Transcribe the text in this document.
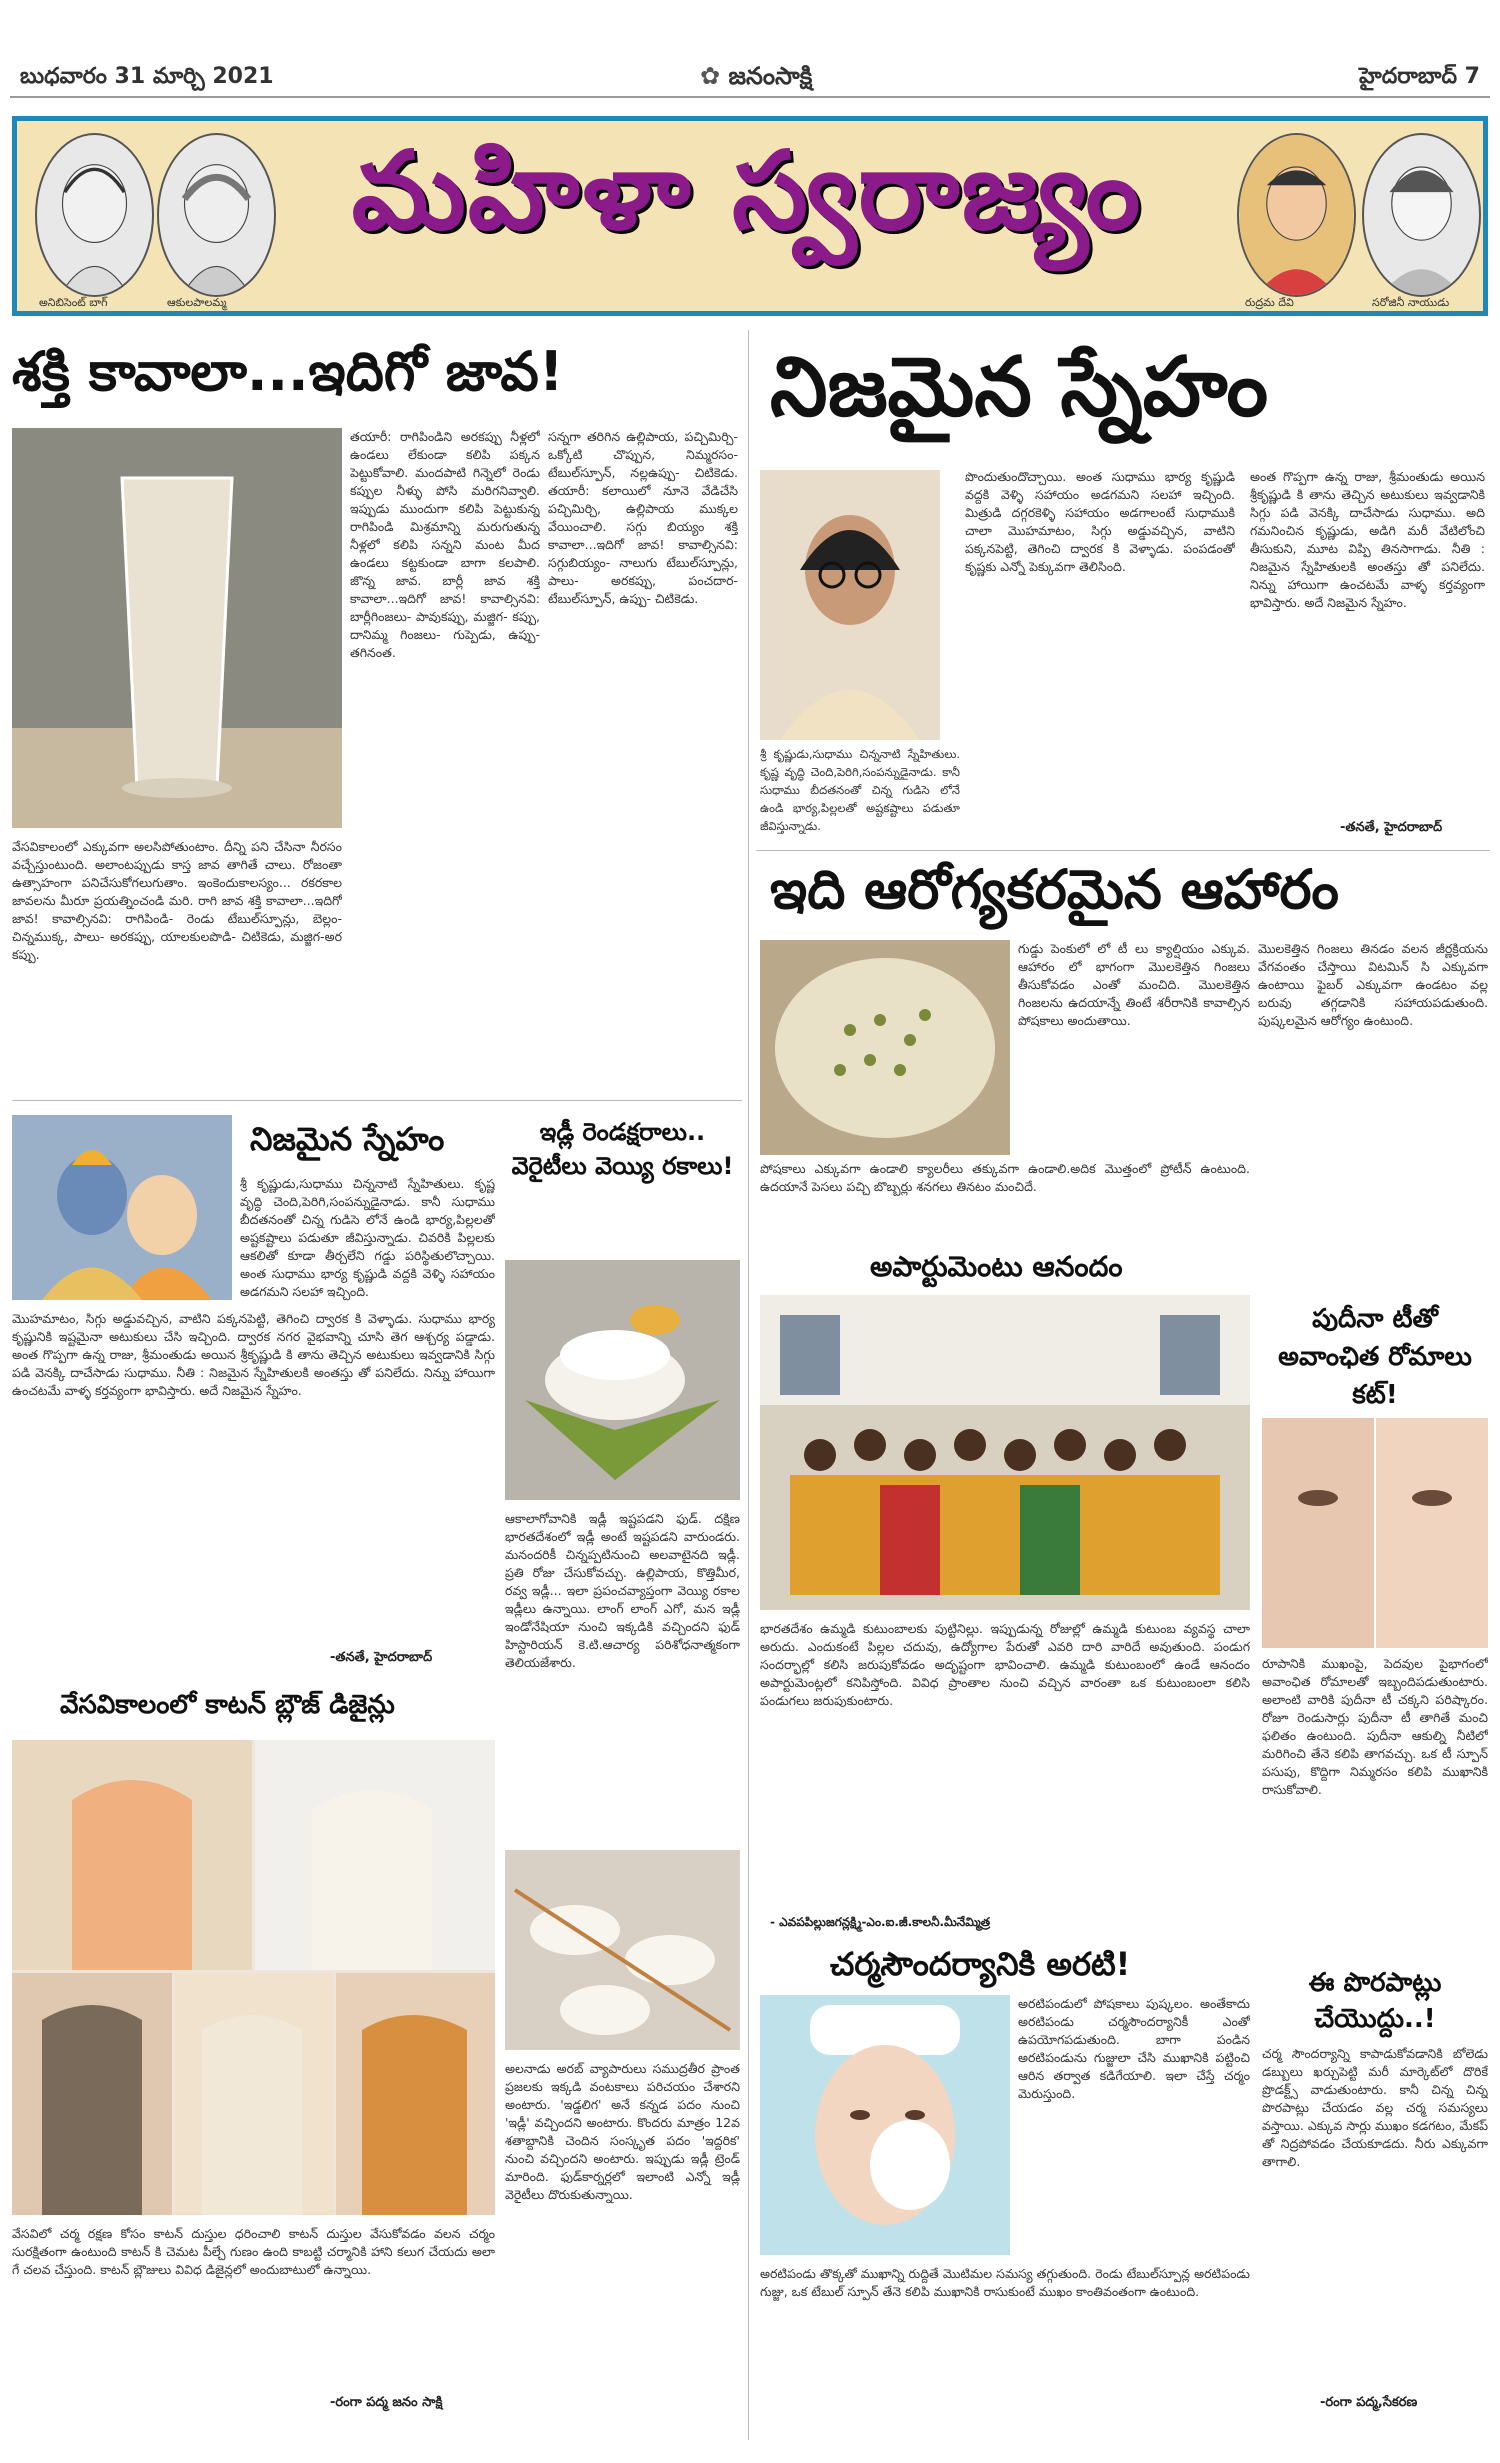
బుధవారం 31 మార్చి 2021	✿ జనంసాక్షి	హైదరాబాద్ 7
అనిబిసెంట్ బాగ్	ఆకులపాలమ్మ
మహిళా స్వరాజ్యం
రుద్రమ దేవి	సరోజినీ నాయుడు
శక్తి కావాలా...ఇదిగో జావ!
వేసవికాలంలో ఎక్కువగా అలసిపోతుంటాం. దీన్ని పని చేసినా నీరసం వచ్చేస్తుంటుంది. అలాంటప్పుడు కాస్త జావ తాగితే చాలు. రోజంతా ఉత్సాహంగా పనిచేసుకోగలుగుతాం. ఇంకెందుకాలస్యం... రకరకాల జావలను మీరూ ప్రయత్నించండి మరి. రాగి జావ శక్తి కావాలా...ఇదిగో జావ! కావాల్సినవి: రాగిపిండి- రెండు టేబుల్‌స్పూన్లు, బెల్లం- చిన్నముక్క, పాలు- అరకప్పు, యాలకులపొడి- చిటికెడు, మజ్జిగ-అర కప్పు.
తయారీ: రాగిపిండిని అరకప్పు నీళ్లలో ఉండలు లేకుండా కలిపి పక్కన పెట్టుకోవాలి. మందపాటి గిన్నెలో రెండు కప్పుల నీళ్ళు పోసి మరిగనివ్వాలి. ఇప్పుడు ముందుగా కలిపి పెట్టుకున్న రాగిపిండి మిశ్రమాన్ని మరుగుతున్న నీళ్లలో కలిపి సన్నని మంట మీద ఉండలు కట్టకుండా బాగా కలపాలి. జొన్న జావ. బార్లీ జావ శక్తి కావాలా...ఇదిగో జావ! కావాల్సినవి: బార్లీగింజలు- పావుకప్పు, మజ్జిగ- కప్పు, దానిమ్మ గింజలు- గుప్పెడు, ఉప్పు- తగినంత.
సన్నగా తరిగిన ఉల్లిపాయ, పచ్చిమిర్చి- ఒక్కోటి చొప్పున, నిమ్మరసం- టేబుల్‌స్పూన్, నల్లఉప్పు- చిటికెడు. తయారీ: కలాయిలో నూనె వేడిచేసి పచ్చిమిర్చి, ఉల్లిపాయ ముక్కల వేయించాలి. సగ్గు బియ్యం శక్తి కావాలా...ఇదిగో జావ! కావాల్సినవి: సగ్గుబియ్యం- నాలుగు టేబుల్‌స్పూన్లు, పాలు- అరకప్పు, పంచదార- టేబుల్‌స్పూన్, ఉప్పు- చిటికెడు.
నిజమైన స్నేహం
శ్రీ కృష్ణుడు,సుధాము చిన్ననాటి స్నేహితులు. కృష్ణ వృద్ధి చెంది,పెరిగి,సంపన్నుడైనాడు. కానీ సుధాము బీదతనంతో చిన్న గుడిసె లోనే ఉండి భార్య,పిల్లలతో అష్టకష్టాలు పడుతూ జీవిస్తున్నాడు.
పొందుతుందొచ్చాయి. అంత సుధాము భార్య కృష్ణుడి వద్దకి వెళ్ళి సహాయం అడగమని సలహా ఇచ్చింది. మిత్రుడి దగ్గరకెళ్ళి సహాయం అడగాలంటే సుధాముకి చాలా మొహమాటం, సిగ్గు అడ్డువచ్చిన, వాటిని పక్కనపెట్టి, తెగించి ద్వారక కి వెళ్ళాడు. పంపడంతో కృష్ణకు ఎన్నో పెక్కువగా తెలిసింది.
అంత గొప్పగా ఉన్న రాజు, శ్రీమంతుడు అయిన శ్రీకృష్ణుడి కి తాను తెచ్చిన అటుకులు ఇవ్వడానికి సిగ్గు పడి వెనక్కి దాచేసాడు సుధాము. అది గమనించిన కృష్ణుడు, అడిగి మరీ వేటిలోంచి తీసుకుని, మూట విప్పి తినసాగాడు. నీతి : నిజమైన స్నేహితులకి అంతస్తు తో పనిలేదు. నిన్ను హాయిగా ఉంచటమే వాళ్ళ కర్తవ్యంగా భావిస్తారు. అదే నిజమైన స్నేహం.
-తనతే, హైదరాబాద్
ఇది ఆరోగ్యకరమైన ఆహారం
గుడ్డు పెంకులో లో టీ లు క్యాల్షియం ఎక్కువ. ఆహారం లో భాగంగా మొలకెత్తిన గింజలు తీసుకోవడం ఎంతో మంచిది. మొలకెత్తిన గింజలను ఉదయాన్నే తింటే శరీరానికి కావాల్సిన పోషకాలు అందుతాయి.
పోషకాలు ఎక్కువగా ఉండాలి క్యాలరీలు తక్కువగా ఉండాలి.అదిక మొత్తంలో ప్రోటీన్ ఉంటుంది. ఉదయానే పెసలు పచ్చి బొబ్బర్లు శనగలు తినటం మంచిదే.
మొలకెత్తిన గింజలు తినడం వలన జీర్ణక్రియను వేగవంతం చేస్తాయి విటమిన్ సి ఎక్కువగా ఉంటాయి ఫైబర్ ఎక్కువగా ఉండటం వల్ల బరువు తగ్గడానికి సహాయపడుతుంది. పుష్కలమైన ఆరోగ్యం ఉంటుంది.
అపార్టుమెంటు ఆనందం
భారతదేశం ఉమ్మడి కుటుంబాలకు పుట్టినిల్లు. ఇప్పుడున్న రోజుల్లో ఉమ్మడి కుటుంబ వ్యవస్థ చాలా అరుదు. ఎందుకంటే పిల్లల చదువు, ఉద్యోగాల పేరుతో ఎవరి దారి వారిదే అవుతుంది. పండుగ సందర్భాల్లో కలిసి జరుపుకోవడం అదృష్టంగా భావించాలి. ఉమ్మడి కుటుంబంలో ఉండే ఆనందం అపార్టుమెంట్లలో కనిపిస్తోంది. వివిధ ప్రాంతాల నుంచి వచ్చిన వారంతా ఒక కుటుంబంలా కలిసి పండుగలు జరుపుకుంటారు.
- ఎవపపిల్లుజగన్లక్ష్మి-ఎం.ఐ.జీ.కాలనీ.మీనేమ్మిత్ర
పుదీనా టీతో అవాంఛిత రోమాలు కట్!
రూపానికి ముఖంపై, పెదవుల పైభాగంలో అవాంఛిత రోమాలతో ఇబ్బందిపడుతుంటారు. అలాంటి వారికి పుదీనా టీ చక్కని పరిష్కారం. రోజూ రెండుసార్లు పుదీనా టీ తాగితే మంచి ఫలితం ఉంటుంది. పుదీనా ఆకుల్ని నీటిలో మరిగించి తేనె కలిపి తాగవచ్చు. ఒక టీ స్పూన్ పసుపు, కొద్దిగా నిమ్మరసం కలిపి ముఖానికి రాసుకోవాలి.
ఈ పొరపాట్లు చేయొద్దు..!
చర్మ సౌందర్యాన్ని కాపాడుకోవడానికి బోలెడు డబ్బులు ఖర్చుపెట్టి మరీ మార్కెట్‌లో దొరికే ప్రొడక్ట్స్ వాడుతుంటారు. కానీ చిన్న చిన్న పొరపాట్లు చేయడం వల్ల చర్మ సమస్యలు వస్తాయి. ఎక్కువ సార్లు ముఖం కడగటం, మేకప్ తో నిద్రపోవడం చేయకూడదు. నీరు ఎక్కువగా తాగాలి.
-రంగా పద్మ,సేకరణ
చర్మసౌందర్యానికి అరటి!
అరటిపండులో పోషకాలు పుష్కలం. అంతేకాదు అరటిపండు చర్మసౌందర్యానికీ ఎంతో ఉపయోగపడుతుంది. బాగా పండిన అరటిపండును గుజ్జులా చేసి ముఖానికి పట్టించి ఆరిన తర్వాత కడిగేయాలి. ఇలా చేస్తే చర్మం మెరుస్తుంది.
అరటిపండు తొక్కతో ముఖాన్ని రుద్దితే మొటిమల సమస్య తగ్గుతుంది. రెండు టేబుల్‌స్పూన్ల అరటిపండు గుజ్జు, ఒక టేబుల్ స్పూన్ తేనె కలిపి ముఖానికి రాసుకుంటే ముఖం కాంతివంతంగా ఉంటుంది.
నిజమైన స్నేహం
శ్రీ కృష్ణుడు,సుధాము చిన్ననాటి స్నేహితులు. కృష్ణ వృద్ధి చెంది,పెరిగి,సంపన్నుడైనాడు. కానీ సుధాము బీదతనంతో చిన్న గుడిసె లోనే ఉండి భార్య,పిల్లలతో అష్టకష్టాలు పడుతూ జీవిస్తున్నాడు. చివరికి పిల్లలకు ఆకలితో కూడా తీర్చలేని గడ్డు పరిస్థితులొచ్చాయి. అంత సుధాము భార్య కృష్ణుడి వద్దకి వెళ్ళి సహాయం అడగమని సలహా ఇచ్చింది.
మొహమాటం, సిగ్గు అడ్డువచ్చిన, వాటిని పక్కనపెట్టి, తెగించి ద్వారక కి వెళ్ళాడు. సుధాము భార్య కృష్ణునికి ఇష్టమైనా అటుకులు చేసి ఇచ్చింది. ద్వారక నగర వైభవాన్ని చూసి తెగ ఆశ్చర్య పడ్డాడు. అంత గొప్పగా ఉన్న రాజు, శ్రీమంతుడు అయిన శ్రీకృష్ణుడి కి తాను తెచ్చిన అటుకులు ఇవ్వడానికి సిగ్గు పడి వెనక్కి దాచేసాడు సుధాము. నీతి : నిజమైన స్నేహితులకి అంతస్తు తో పనిలేదు. నిన్ను హాయిగా ఉంచటమే వాళ్ళ కర్తవ్యంగా భావిస్తారు. అదే నిజమైన స్నేహం.
-తనతే, హైదరాబాద్
ఇడ్లీ రెండక్షరాలు.. వెరైటీలు వెయ్యి రకాలు!
ఆకాలాగోవానికి ఇడ్లీ ఇష్టపడని ఫుడ్. దక్షిణ భారతదేశంలో ఇడ్లీ అంటే ఇష్టపడని వారుండరు. మనందరికీ చిన్నప్పటినుంచి అలవాటైనది ఇడ్లీ. ప్రతి రోజు చేసుకోవచ్చు. ఉల్లిపాయ, కొత్తిమీర, రవ్వ ఇడ్లీ... ఇలా ప్రపంచవ్యాప్తంగా వెయ్యి రకాల ఇడ్లీలు ఉన్నాయి. లాంగ్ లాంగ్ ఎగో, మన ఇడ్లీ ఇండోనేషియా నుంచి ఇక్కడికి వచ్చిందని ఫుడ్ హిస్టారియన్ కె.టి.ఆచార్య పరిశోధనాత్మకంగా తెలియజేశారు.
అలనాడు అరబ్ వ్యాపారులు సముద్రతీర ప్రాంత ప్రజలకు ఇక్కడి వంటకాలు పరిచయం చేశారని అంటారు. 'ఇడ్డలిగ' అనే కన్నడ పదం నుంచి 'ఇడ్లీ' వచ్చిందని అంటారు. కొందరు మాత్రం 12వ శతాబ్దానికి చెందిన సంస్కృత పదం 'ఇద్దరిక' నుంచి వచ్చిందని అంటారు. ఇప్పుడు ఇడ్లీ ట్రెండ్ మారింది. ఫుడ్‌కార్నర్లలో ఇలాంటి ఎన్నో ఇడ్లీ వెరైటీలు దొరుకుతున్నాయి.
వేసవికాలంలో కాటన్ బ్లౌజ్ డిజైన్లు
వేసవిలో చర్మ రక్షణ కోసం కాటన్ దుస్తుల ధరించాలి కాటన్ దుస్తుల వేసుకోవడం వలన చర్మం సురక్షితంగా ఉంటుంది కాటన్ కి చెమట పీల్చే గుణం ఉంది కాబట్టి చర్మానికి హాని కలుగ చేయదు అలా గే చలవ చేస్తుంది. కాటన్ బ్లౌజులు వివిధ డిజైన్లలో అందుబాటులో ఉన్నాయి.
-రంగా పద్మ జనం సాక్షి
